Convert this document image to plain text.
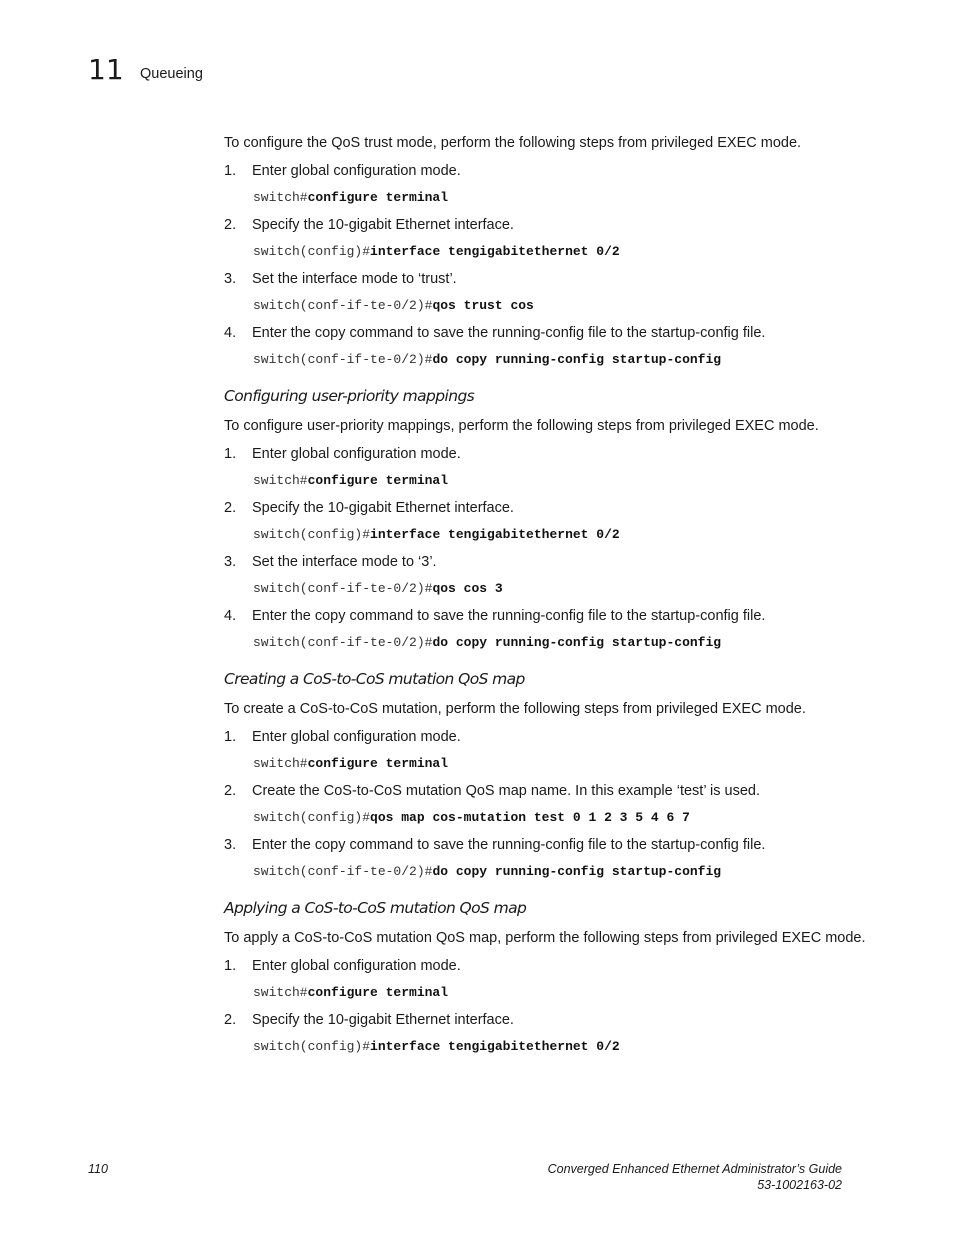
11 Queueing

To configure the QoS trust mode, perform the following steps from privileged EXEC mode.

1. Enter global configuration mode.
switch#configure terminal
2. Specify the 10-gigabit Ethernet interface.
switch(config)#interface tengigabitethernet 0/2
3. Set the interface mode to ‘trust’.
switch(conf-if-te-0/2)#qos trust cos
4. Enter the copy command to save the running-config file to the startup-config file.
switch(conf-if-te-0/2)#do copy running-config startup-config
Configuring user-priority mappings

To configure user-priority mappings, perform the following steps from privileged EXEC mode.

1. Enter global configuration mode.
switch#configure terminal
2. Specify the 10-gigabit Ethernet interface.
switch(config)#interface tengigabitethernet 0/2
3. Set the interface mode to ‘3’.
switch(conf-if-te-0/2)#qos cos 3
4. Enter the copy command to save the running-config file to the startup-config file.
switch(conf-if-te-0/2)#do copy running-config startup-config
Creating a CoS-to-CoS mutation QoS map

To create a CoS-to-CoS mutation, perform the following steps from privileged EXEC mode.

1. Enter global configuration mode.
switch#configure terminal
2. Create the CoS-to-CoS mutation QoS map name. In this example ‘test’ is used.
switch(config)#qos map cos-mutation test 0 1 2 3 5 4 6 7
3. Enter the copy command to save the running-config file to the startup-config file.
switch(conf-if-te-0/2)#do copy running-config startup-config
Applying a CoS-to-CoS mutation QoS map

To apply a CoS-to-CoS mutation QoS map, perform the following steps from privileged EXEC mode.

1. Enter global configuration mode.
switch#configure terminal
2. Specify the 10-gigabit Ethernet interface.
switch(config)#interface tengigabitethernet 0/2
110	Converged Enhanced Ethernet Administrator’s Guide
53-1002163-02
